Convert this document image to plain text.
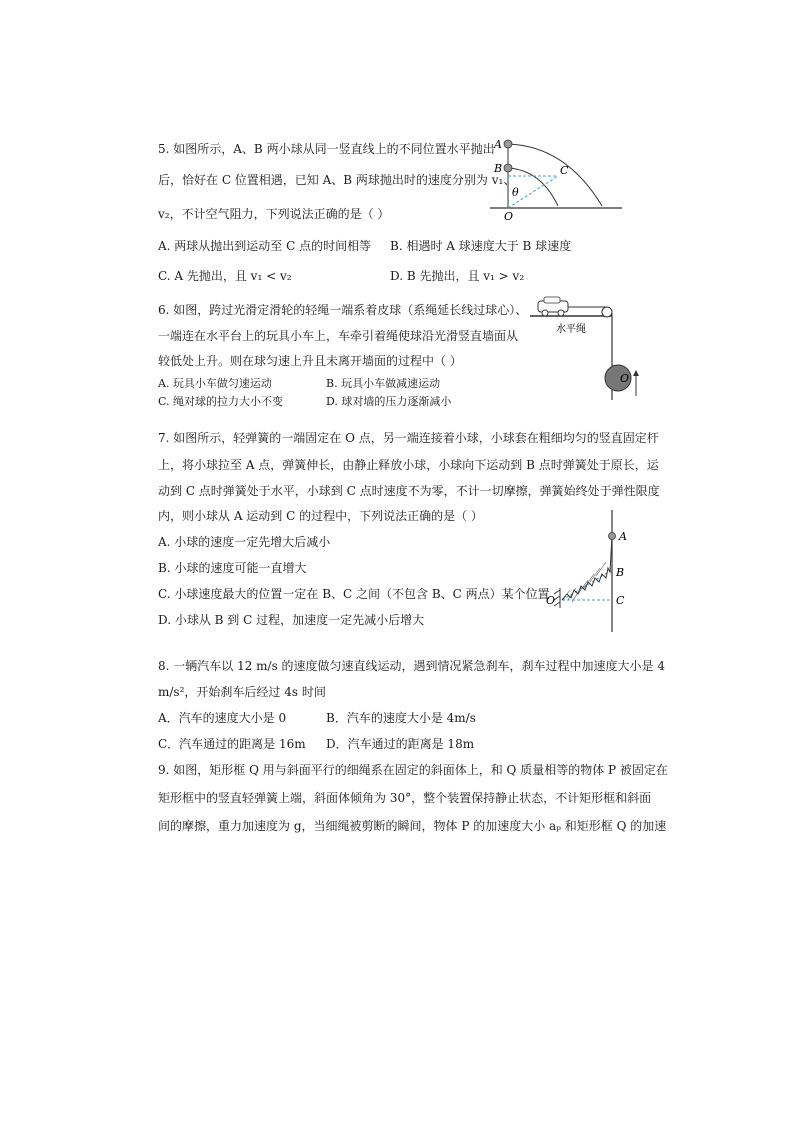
5. 如图所示，A、B 两小球从同一竖直线上的不同位置水平抛出
后，恰好在 C 位置相遇，已知 A、B 两球抛出时的速度分别为 v₁、
v₂，不计空气阻力，下列说法正确的是（ ）
A. 两球从抛出到运动至 C 点的时间相等 B. 相遇时 A 球速度大于 B 球速度
C. A 先抛出，且 v₁ < v₂	D. B 先抛出，且 v₁ > v₂
A
B	C
O
θ
6. 如图，跨过光滑定滑轮的轻绳一端系着皮球（系绳延长线过球心）、
一端连在水平台上的玩具小车上，车牵引着绳使球沿光滑竖直墙面从
较低处上升。则在球匀速上升且未离开墙面的过程中（ ）
A. 玩具小车做匀速运动	B. 玩具小车做减速运动
C. 绳对球的拉力大小不变	D. 球对墙的压力逐渐减小
水平绳
O
7. 如图所示，轻弹簧的一端固定在 O 点，另一端连接着小球，小球套在粗细均匀的竖直固定杆
上，将小球拉至 A 点，弹簧伸长，由静止释放小球，小球向下运动到 B 点时弹簧处于原长，运
动到 C 点时弹簧处于水平，小球到 C 点时速度不为零，不计一切摩擦，弹簧始终处于弹性限度
内，则小球从 A 运动到 C 的过程中，下列说法正确的是（ ）
A. 小球的速度一定先增大后减小
B. 小球的速度可能一直增大
C. 小球速度最大的位置一定在 B、C 之间（不包含 B、C 两点）某个位置
D. 小球从 B 到 C 过程，加速度一定先减小后增大
A
B
C
O
8. 一辆汽车以 12 m/s 的速度做匀速直线运动，遇到情况紧急刹车，刹车过程中加速度大小是 4
m/s²，开始刹车后经过 4s 时间
A．汽车的速度大小是 0	B．汽车的速度大小是 4m/s
C．汽车通过的距离是 16m D．汽车通过的距离是 18m
9. 如图，矩形框 Q 用与斜面平行的细绳系在固定的斜面体上，和 Q 质量相等的物体 P 被固定在
矩形框中的竖直轻弹簧上端，斜面体倾角为 30°，整个装置保持静止状态，不计矩形框和斜面
间的摩擦，重力加速度为 g，当细绳被剪断的瞬间，物体 P 的加速度大小 aₚ 和矩形框 Q 的加速
